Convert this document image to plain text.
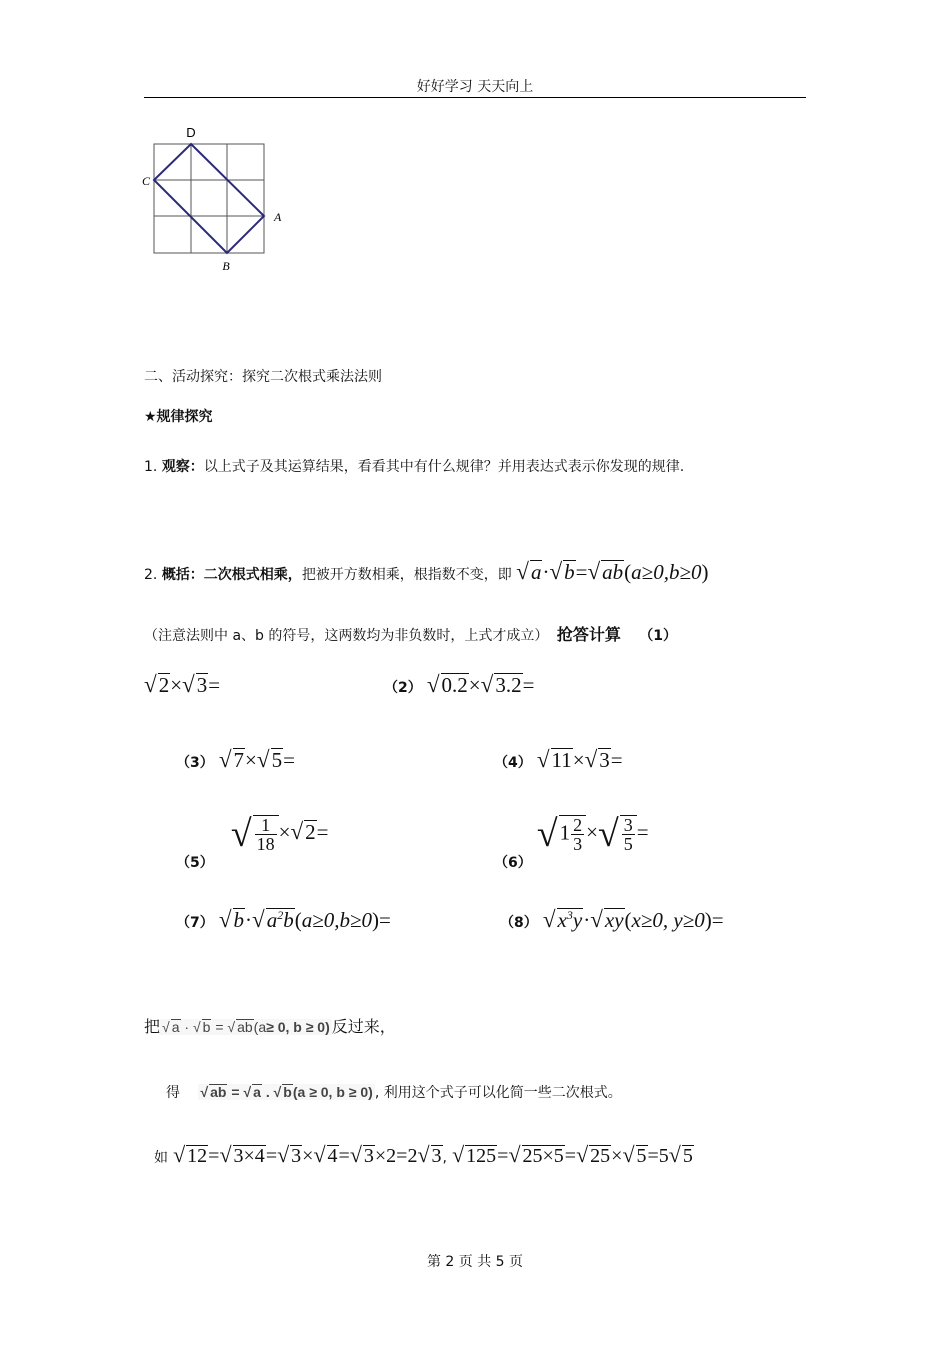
好好学习 天天向上
D
C
A
B
二、活动探究：探究二次根式乘法法则
★规律探究
1. 观察：以上式子及其运算结果，看看其中有什么规律？并用表达式表示你发现的规律.
2. 概括：二次根式相乘，把被开方数相乘，根指数不变，即 √a·√b=√ab(a≥0,b≥0)
（注意法则中 a、b 的符号，这两数均为非负数时，上式才成立） 抢答计算 （1）
√2×√3=	（2） √0.2×√3.2=
（3） √7×√5=	（4） √11×√3=
（5） √ $\frac{1}{18} \times√2=$
（6） $√1 \frac{2}{3}$ ×√ $\frac{3}{5}$ =
（7） $√b\cdot√a^2b(a\ge 0,b\ge 0)=$	（8） $√x^3y\cdot√xy(x\ge 0$, y≥0)=
把 √ a · √ b = √ ab(a≥ 0, b ≥ 0) 反过来，
得 √ ab = √ a . √ b(a ≥ 0, b ≥ 0) , 利用这个式子可以化简一些二次根式。
如 √ 12=√ 3×4=√ 3×√ 4=√ 3×2=2√ 3, √ 125=√ 25×5=√ 25×√ 5=5√ 5
第 2 页 共 5 页
